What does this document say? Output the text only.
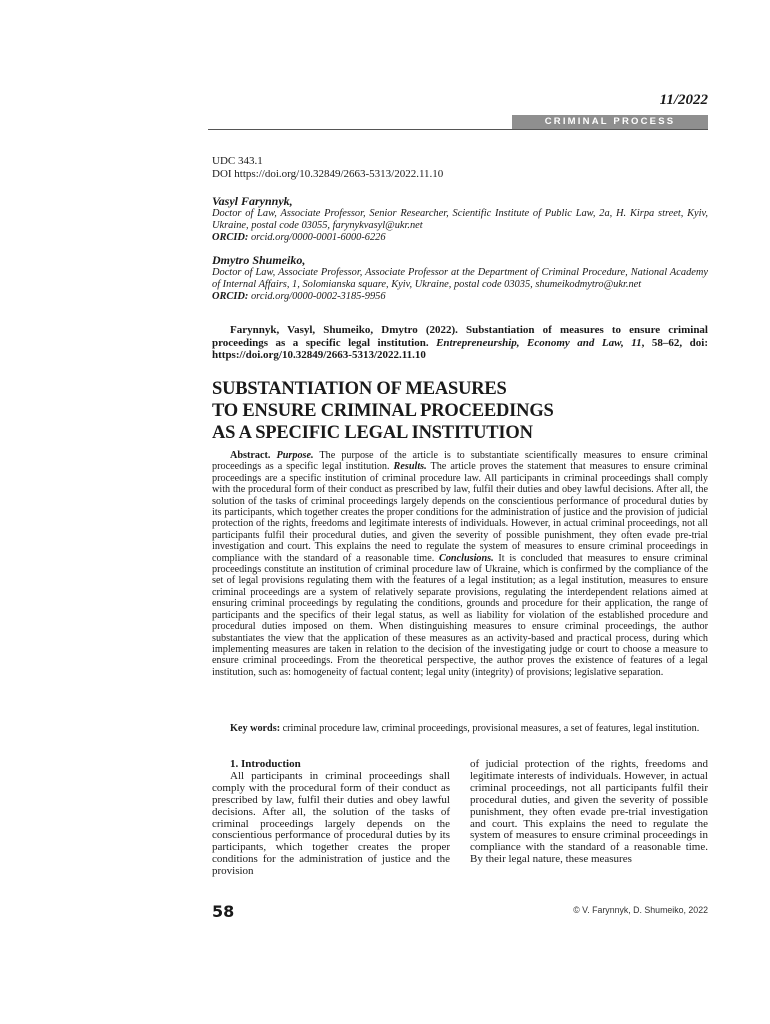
11/2022
CRIMINAL PROCESS
UDC 343.1
DOI https://doi.org/10.32849/2663-5313/2022.11.10
Vasyl Farynnyk,
Doctor of Law, Associate Professor, Senior Researcher, Scientific Institute of Public Law, 2a, H. Kirpa street, Kyiv, Ukraine, postal code 03055, farynykvasyl@ukr.net
ORCID: orcid.org/0000-0001-6000-6226
Dmytro Shumeiko,
Doctor of Law, Associate Professor, Associate Professor at the Department of Criminal Procedure, National Academy of Internal Affairs, 1, Solomianska square, Kyiv, Ukraine, postal code 03035, shumeikodmytro@ukr.net
ORCID: orcid.org/0000-0002-3185-9956
Farynnyk, Vasyl, Shumeiko, Dmytro (2022). Substantiation of measures to ensure criminal proceedings as a specific legal institution. Entrepreneurship, Economy and Law, 11, 58–62, doi: https://doi.org/10.32849/2663-5313/2022.11.10
SUBSTANTIATION OF MEASURES
TO ENSURE CRIMINAL PROCEEDINGS
AS A SPECIFIC LEGAL INSTITUTION
Abstract. Purpose. The purpose of the article is to substantiate scientifically measures to ensure criminal proceedings as a specific legal institution. Results. The article proves the statement that measures to ensure criminal proceedings are a specific institution of criminal procedure law. All participants in criminal proceedings shall comply with the procedural form of their conduct as prescribed by law, fulfil their duties and obey lawful decisions. After all, the solution of the tasks of criminal proceedings largely depends on the conscientious performance of procedural duties by its participants, which together creates the proper conditions for the administration of justice and the provision of judicial protection of the rights, freedoms and legitimate interests of individuals. However, in actual criminal proceedings, not all participants fulfil their procedural duties, and given the severity of possible punishment, they often evade pre-trial investigation and court. This explains the need to regulate the system of measures to ensure criminal proceedings in compliance with the standard of a reasonable time. Conclusions. It is concluded that measures to ensure criminal proceedings constitute an institution of criminal procedure law of Ukraine, which is confirmed by the compliance of the set of legal provisions regulating them with the features of a legal institution; as a legal institution, measures to ensure criminal proceedings are a system of relatively separate provisions, regulating the interdependent relations aimed at ensuring criminal proceedings by regulating the conditions, grounds and procedure for their application, the range of participants and the specifics of their legal status, as well as liability for violation of the established procedure and procedural duties imposed on them. When distinguishing measures to ensure criminal proceedings, the author substantiates the view that the application of these measures as an activity-based and practical process, during which implementing measures are taken in relation to the decision of the investigating judge or court to choose a measure to ensure criminal proceedings. From the theoretical perspective, the author proves the existence of features of a legal institution, such as: homogeneity of factual content; legal unity (integrity) of provisions; legislative separation.
Key words: criminal procedure law, criminal proceedings, provisional measures, a set of features, legal institution.
1. Introduction

All participants in criminal proceedings shall comply with the procedural form of their conduct as prescribed by law, fulfil their duties and obey lawful decisions. After all, the solution of the tasks of criminal proceedings largely depends on the conscientious performance of procedural duties by its participants, which together creates the proper conditions for the administration of justice and the provision

of judicial protection of the rights, freedoms and legitimate interests of individuals. However, in actual criminal proceedings, not all participants fulfil their procedural duties, and given the severity of possible punishment, they often evade pre-trial investigation and court. This explains the need to regulate the system of measures to ensure criminal proceedings in compliance with the standard of a reasonable time. By their legal nature, these measures

58	© V. Farynnyk, D. Shumeiko, 2022
